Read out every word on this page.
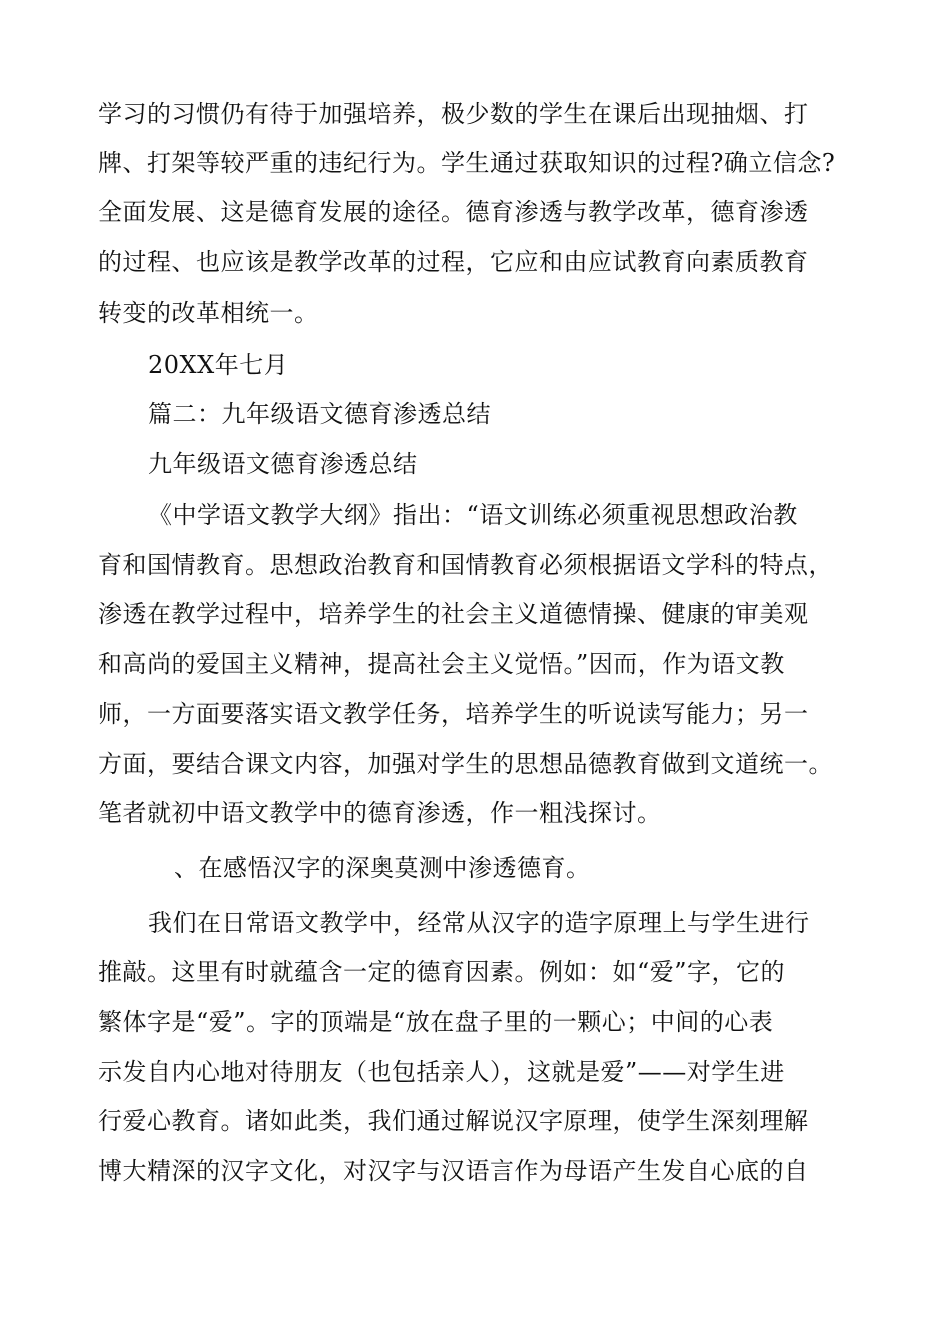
学习的习惯仍有待于加强培养，极少数的学生在课后出现抽烟、打
牌、打架等较严重的违纪行为。学生通过获取知识的过程?确立信念?
全面发展、这是德育发展的途径。德育渗透与教学改革，德育渗透
的过程、也应该是教学改革的过程，它应和由应试教育向素质教育
转变的改革相统一。
20XX年七月
篇二：九年级语文德育渗透总结
九年级语文德育渗透总结
《中学语文教学大纲》指出：“语文训练必须重视思想政治教
育和国情教育。思想政治教育和国情教育必须根据语文学科的特点，
渗透在教学过程中，培养学生的社会主义道德情操、健康的审美观
和高尚的爱国主义精神，提高社会主义觉悟。”因而，作为语文教
师，一方面要落实语文教学任务，培养学生的听说读写能力；另一
方面，要结合课文内容，加强对学生的思想品德教育做到文道统一。
笔者就初中语文教学中的德育渗透，作一粗浅探讨。
、在感悟汉字的深奥莫测中渗透德育。
我们在日常语文教学中，经常从汉字的造字原理上与学生进行
推敲。这里有时就蕴含一定的德育因素。例如：如“爱”字，它的
繁体字是“爱”。字的顶端是“放在盘子里的一颗心；中间的心表
示发自内心地对待朋友（也包括亲人），这就是爱”——对学生进
行爱心教育。诸如此类，我们通过解说汉字原理，使学生深刻理解
博大精深的汉字文化，对汉字与汉语言作为母语产生发自心底的自
